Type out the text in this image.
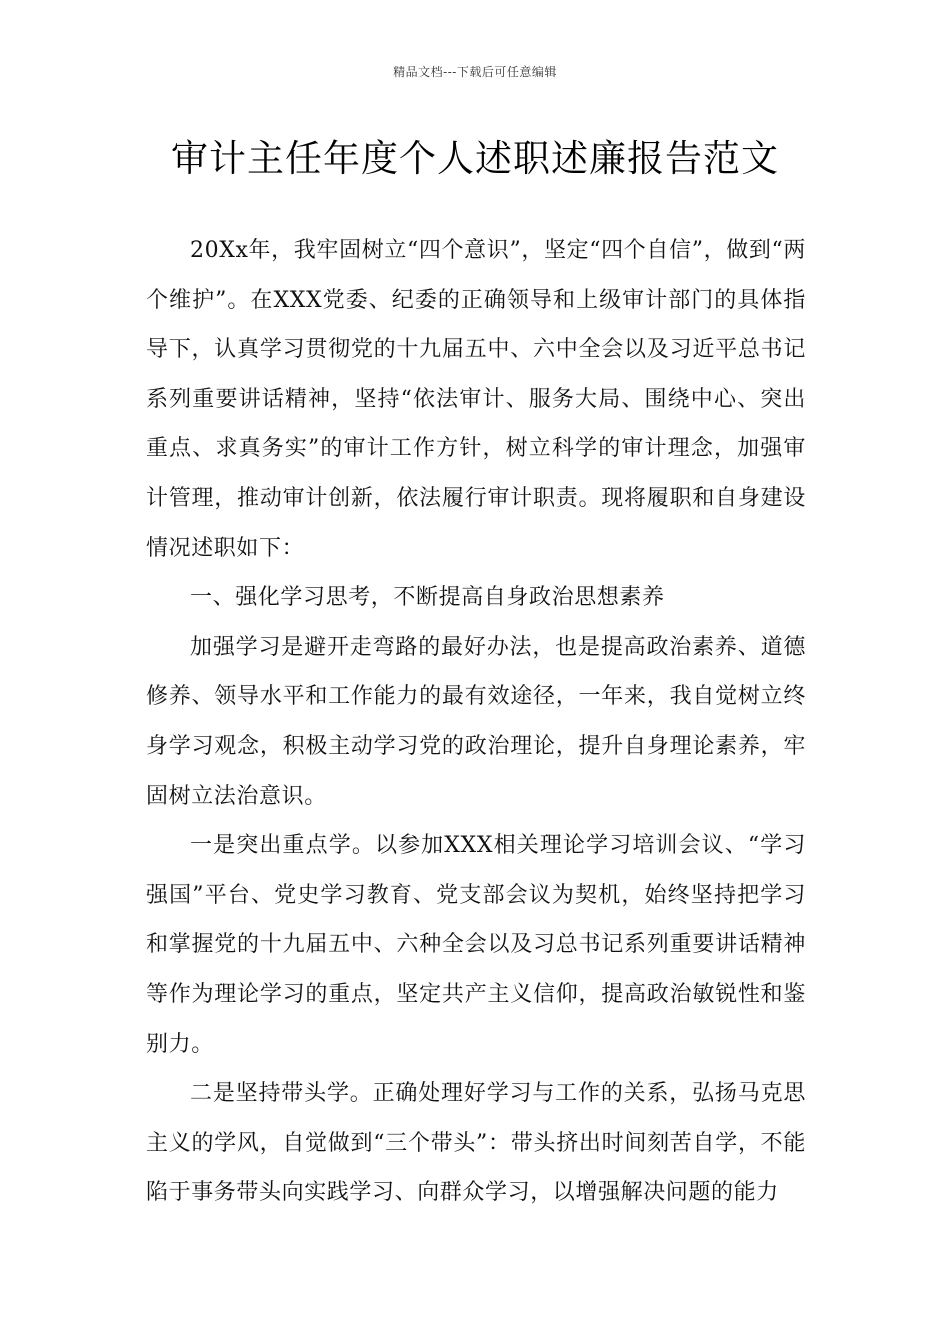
精品文档---下载后可任意编辑
审计主任年度个人述职述廉报告范文

20Xx年，我牢固树立“四个意识”，坚定“四个自信”，做到“两个维护”。在XXX党委、纪委的正确领导和上级审计部门的具体指导下，认真学习贯彻党的十九届五中、六中全会以及习近平总书记系列重要讲话精神，坚持“依法审计、服务大局、围绕中心、突出重点、求真务实”的审计工作方针，树立科学的审计理念，加强审计管理，推动审计创新，依法履行审计职责。现将履职和自身建设情况述职如下：

一、强化学习思考，不断提高自身政治思想素养

加强学习是避开走弯路的最好办法，也是提高政治素养、道德修养、领导水平和工作能力的最有效途径，一年来，我自觉树立终身学习观念，积极主动学习党的政治理论，提升自身理论素养，牢固树立法治意识。

一是突出重点学。以参加XXX相关理论学习培训会议、“学习强国”平台、党史学习教育、党支部会议为契机，始终坚持把学习和掌握党的十九届五中、六种全会以及习总书记系列重要讲话精神等作为理论学习的重点，坚定共产主义信仰，提高政治敏锐性和鉴别力。

二是坚持带头学。正确处理好学习与工作的关系，弘扬马克思主义的学风，自觉做到“三个带头”：带头挤出时间刻苦自学，不能陷于事务带头向实践学习、向群众学习，以增强解决问题的能力
